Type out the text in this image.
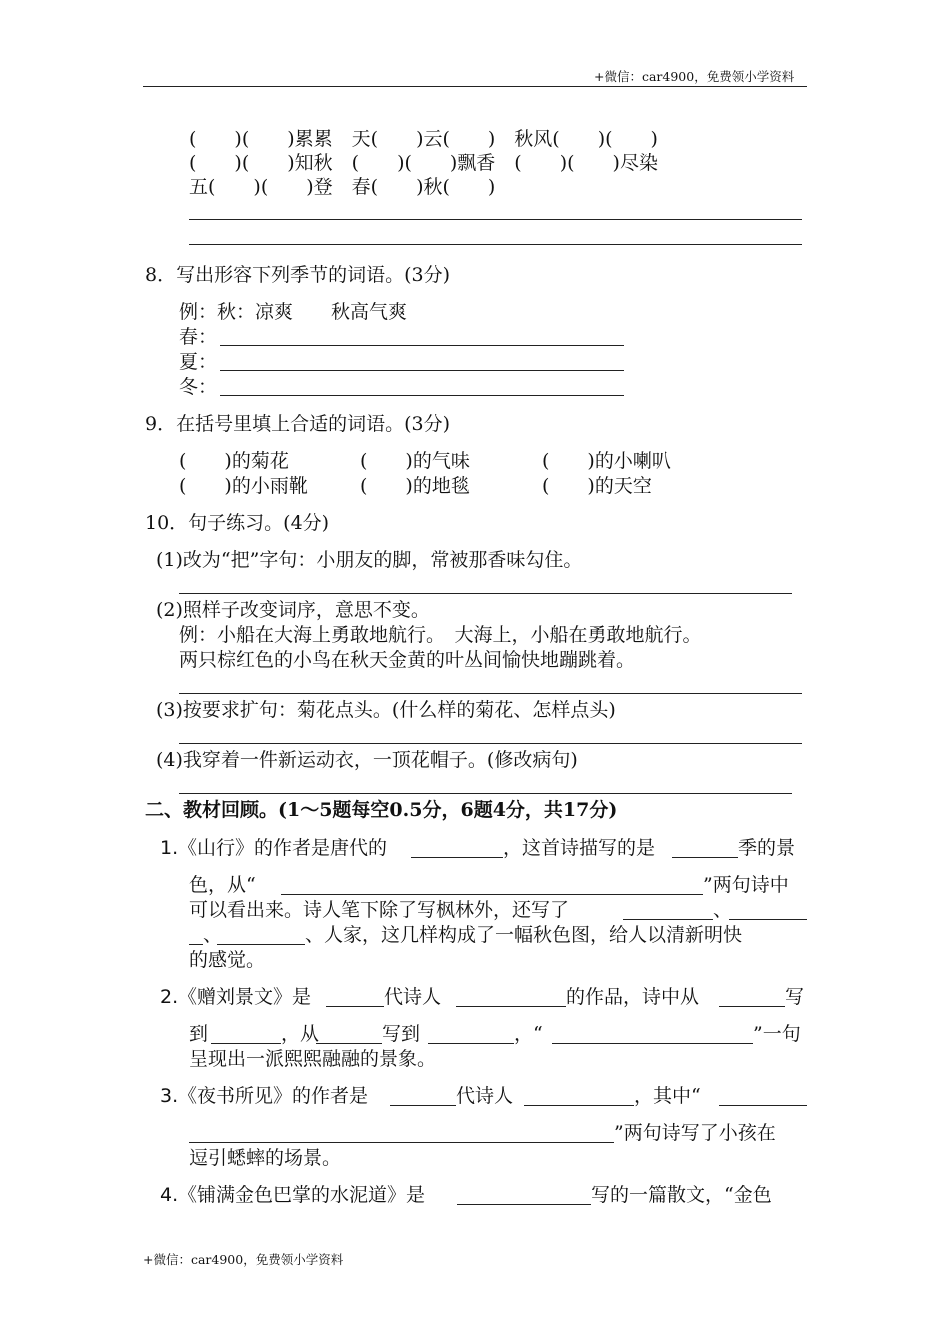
+微信：car4900，免费领小学资料
(　　)(　　)累累　天(　　)云(　　)　秋风(　　)(　　)
(　　)(　　)知秋　(　　)(　　)飘香　(　　)(　　)尽染
五(　　)(　　)登　春(　　)秋(　　)
8．写出形容下列季节的词语。(3分)
例：秋：凉爽　　秋高气爽
春：
夏：
冬：
9．在括号里填上合适的词语。(3分)
(　　)的菊花	(　　)的气味	(　　)的小喇叭
(　　)的小雨靴	(　　)的地毯	(　　)的天空
10．句子练习。(4分)
(1)改为“把”字句：小朋友的脚，常被那香味勾住。
(2)照样子改变词序，意思不变。
例：小船在大海上勇敢地航行。　大海上，小船在勇敢地航行。
两只棕红色的小鸟在秋天金黄的叶丛间愉快地蹦跳着。
(3)按要求扩句：菊花点头。(什么样的菊花、怎样点头)
(4)我穿着一件新运动衣，一顶花帽子。(修改病句)
二、教材回顾。(1～5题每空0.5分，6题4分，共17分)
1. 《山行》的作者是唐代的	，这首诗描写的是	季的景
色，从“	”两句诗中
可以看出来。诗人笔下除了写枫林外，还写了	、
、	、人家，这几样构成了一幅秋色图，给人以清新明快
的感觉。
2. 《赠刘景文》是	代诗人	的作品，诗中从	写
到	，从	写到	，“	”一句
呈现出一派熙熙融融的景象。
3. 《夜书所见》的作者是	代诗人	，其中“
”两句诗写了小孩在
逗引蟋蟀的场景。
4. 《铺满金色巴掌的水泥道》是	写的一篇散文，“金色
+微信：car4900，免费领小学资料
